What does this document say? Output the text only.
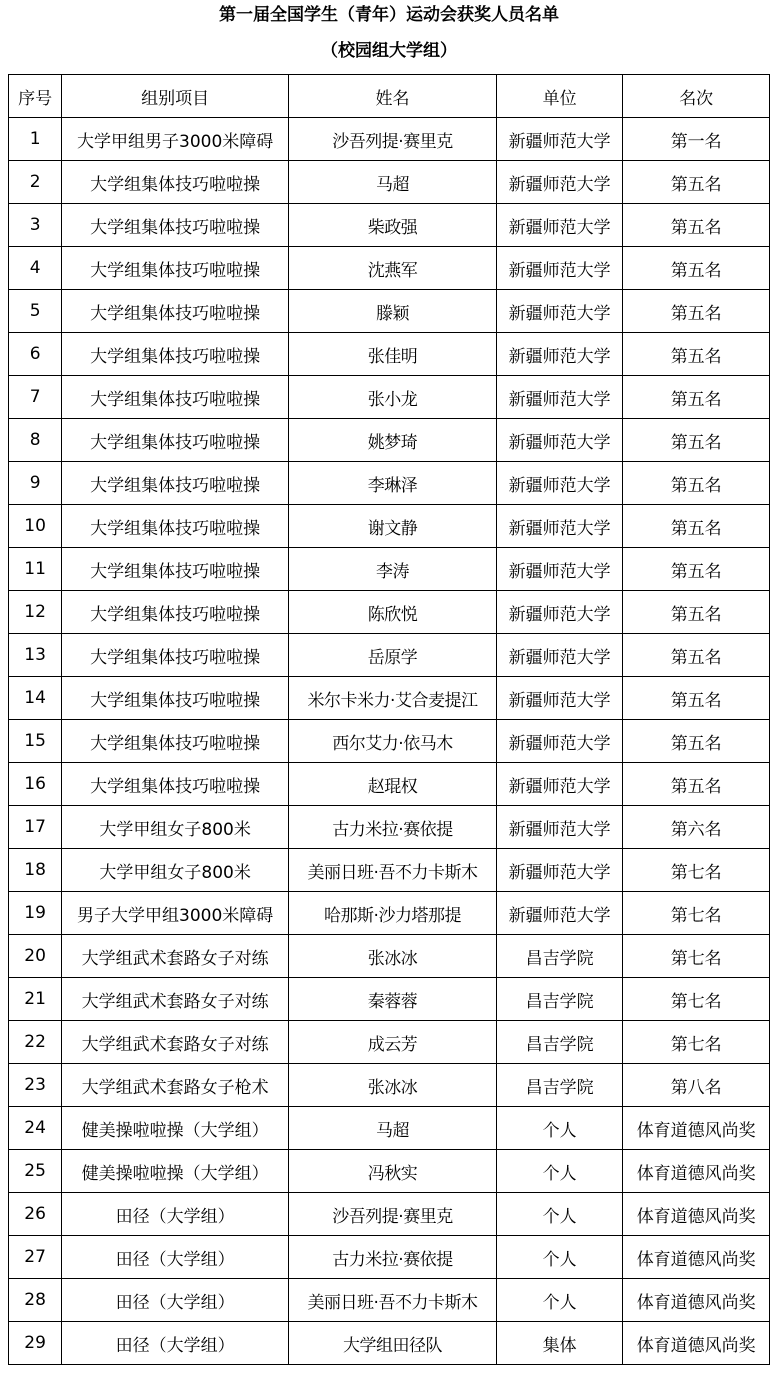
第一届全国学生（青年）运动会获奖人员名单
（校园组大学组）
序号	组别项目	姓名	单位	名次
1	大学甲组男子3000米障碍	沙吾列提·赛里克	新疆师范大学	第一名
2	大学组集体技巧啦啦操	马超	新疆师范大学	第五名
3	大学组集体技巧啦啦操	柴政强	新疆师范大学	第五名
4	大学组集体技巧啦啦操	沈燕军	新疆师范大学	第五名
5	大学组集体技巧啦啦操	滕颖	新疆师范大学	第五名
6	大学组集体技巧啦啦操	张佳明	新疆师范大学	第五名
7	大学组集体技巧啦啦操	张小龙	新疆师范大学	第五名
8	大学组集体技巧啦啦操	姚梦琦	新疆师范大学	第五名
9	大学组集体技巧啦啦操	李琳泽	新疆师范大学	第五名
10	大学组集体技巧啦啦操	谢文静	新疆师范大学	第五名
11	大学组集体技巧啦啦操	李涛	新疆师范大学	第五名
12	大学组集体技巧啦啦操	陈欣悦	新疆师范大学	第五名
13	大学组集体技巧啦啦操	岳原学	新疆师范大学	第五名
14	大学组集体技巧啦啦操	米尔卡米力·艾合麦提江	新疆师范大学	第五名
15	大学组集体技巧啦啦操	西尔艾力·依马木	新疆师范大学	第五名
16	大学组集体技巧啦啦操	赵琨权	新疆师范大学	第五名
17	大学甲组女子800米	古力米拉·赛依提	新疆师范大学	第六名
18	大学甲组女子800米	美丽日班·吾不力卡斯木	新疆师范大学	第七名
19	男子大学甲组3000米障碍	哈那斯·沙力塔那提	新疆师范大学	第七名
20	大学组武术套路女子对练	张冰冰	昌吉学院	第七名
21	大学组武术套路女子对练	秦蓉蓉	昌吉学院	第七名
22	大学组武术套路女子对练	成云芳	昌吉学院	第七名
23	大学组武术套路女子枪术	张冰冰	昌吉学院	第八名
24	健美操啦啦操（大学组）	马超	个人	体育道德风尚奖
25	健美操啦啦操（大学组）	冯秋实	个人	体育道德风尚奖
26	田径（大学组）	沙吾列提·赛里克	个人	体育道德风尚奖
27	田径（大学组）	古力米拉·赛依提	个人	体育道德风尚奖
28	田径（大学组）	美丽日班·吾不力卡斯木	个人	体育道德风尚奖
29	田径（大学组）	大学组田径队	集体	体育道德风尚奖
